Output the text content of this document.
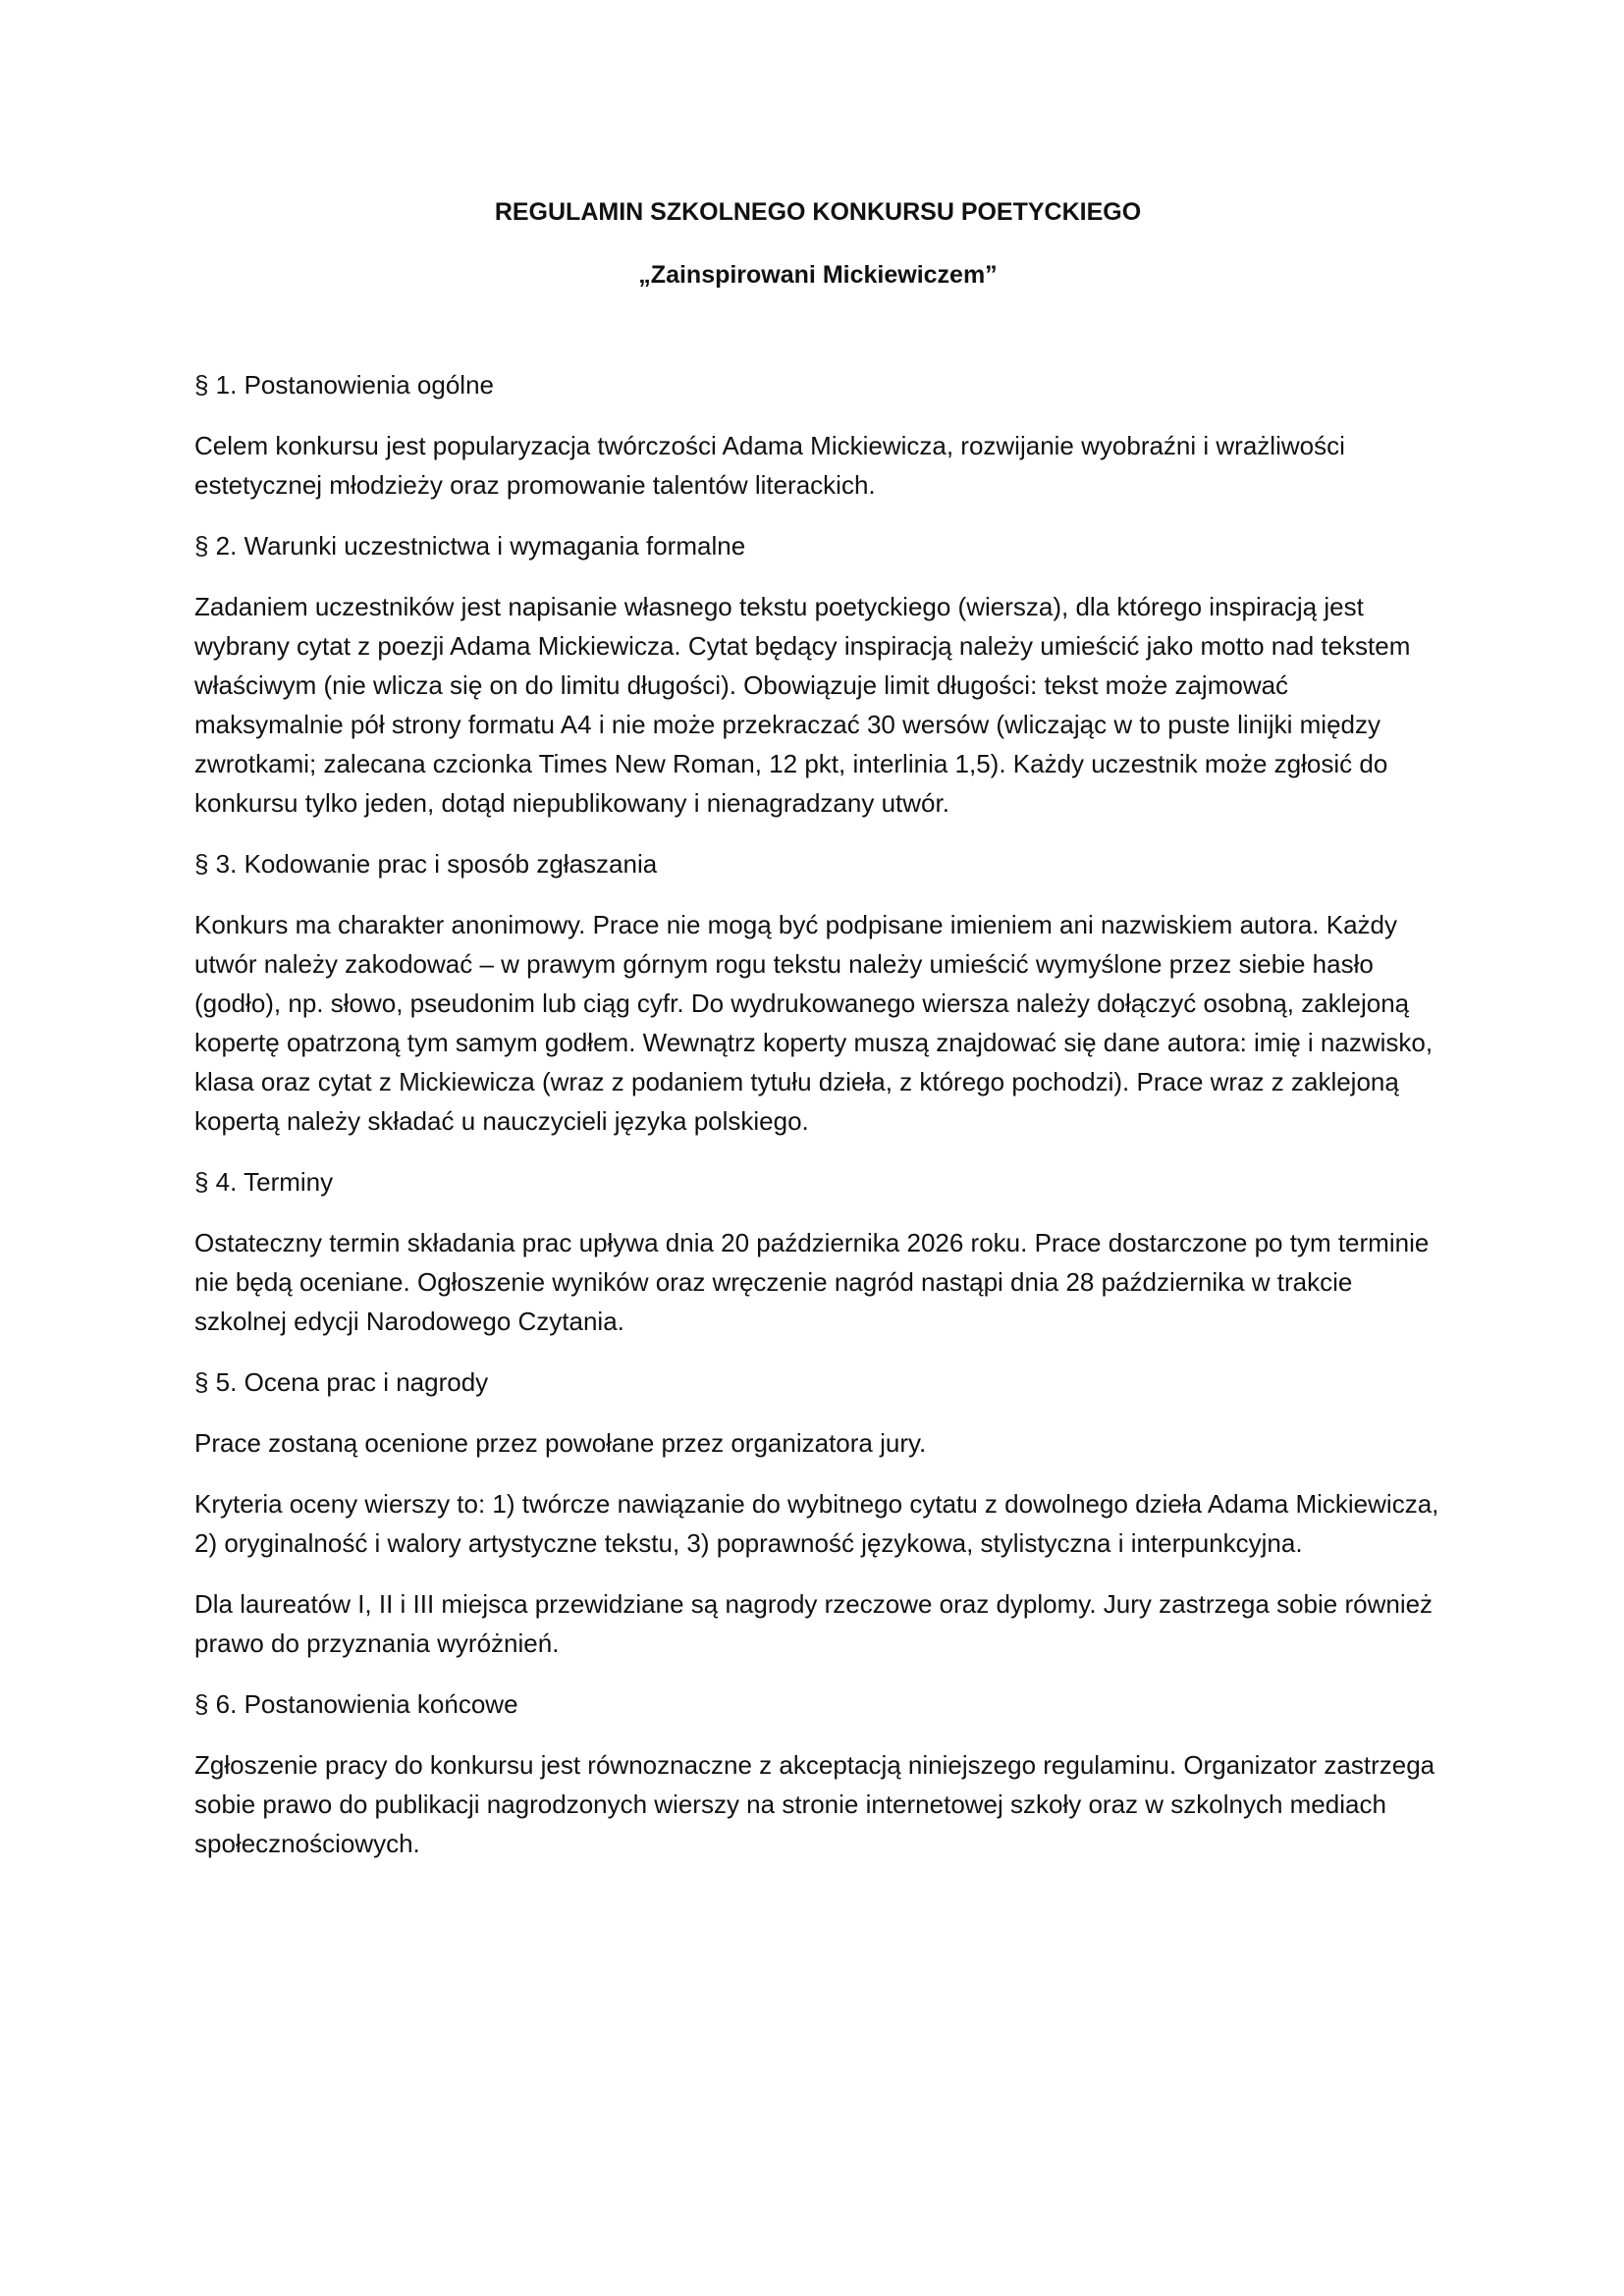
REGULAMIN SZKOLNEGO KONKURSU POETYCKIEGO

„Zainspirowani Mickiewiczem”

§ 1. Postanowienia ogólne

Celem konkursu jest popularyzacja twórczości Adama Mickiewicza, rozwijanie wyobraźni i wrażliwości estetycznej młodzieży oraz promowanie talentów literackich.

§ 2. Warunki uczestnictwa i wymagania formalne

Zadaniem uczestników jest napisanie własnego tekstu poetyckiego (wiersza), dla którego inspiracją jest wybrany cytat z poezji Adama Mickiewicza. Cytat będący inspiracją należy umieścić jako motto nad tekstem właściwym (nie wlicza się on do limitu długości). Obowiązuje limit długości: tekst może zajmować maksymalnie pół strony formatu A4 i nie może przekraczać 30 wersów (wliczając w to puste linijki między zwrotkami; zalecana czcionka Times New Roman, 12 pkt, interlinia 1,5). Każdy uczestnik może zgłosić do konkursu tylko jeden, dotąd niepublikowany i nienagradzany utwór.

§ 3. Kodowanie prac i sposób zgłaszania

Konkurs ma charakter anonimowy. Prace nie mogą być podpisane imieniem ani nazwiskiem autora. Każdy utwór należy zakodować – w prawym górnym rogu tekstu należy umieścić wymyślone przez siebie hasło (godło), np. słowo, pseudonim lub ciąg cyfr. Do wydrukowanego wiersza należy dołączyć osobną, zaklejoną kopertę opatrzoną tym samym godłem. Wewnątrz koperty muszą znajdować się dane autora: imię i nazwisko, klasa oraz cytat z Mickiewicza (wraz z podaniem tytułu dzieła, z którego pochodzi). Prace wraz z zaklejoną kopertą należy składać u nauczycieli języka polskiego.

§ 4. Terminy

Ostateczny termin składania prac upływa dnia 20 października 2026 roku. Prace dostarczone po tym terminie nie będą oceniane. Ogłoszenie wyników oraz wręczenie nagród nastąpi dnia 28 października w trakcie szkolnej edycji Narodowego Czytania.

§ 5. Ocena prac i nagrody

Prace zostaną ocenione przez powołane przez organizatora jury.

Kryteria oceny wierszy to: 1) twórcze nawiązanie do wybitnego cytatu z dowolnego dzieła Adama Mickiewicza, 2) oryginalność i walory artystyczne tekstu, 3) poprawność językowa, stylistyczna i interpunkcyjna.

Dla laureatów I, II i III miejsca przewidziane są nagrody rzeczowe oraz dyplomy. Jury zastrzega sobie również prawo do przyznania wyróżnień.

§ 6. Postanowienia końcowe

Zgłoszenie pracy do konkursu jest równoznaczne z akceptacją niniejszego regulaminu. Organizator zastrzega sobie prawo do publikacji nagrodzonych wierszy na stronie internetowej szkoły oraz w szkolnych mediach społecznościowych.
